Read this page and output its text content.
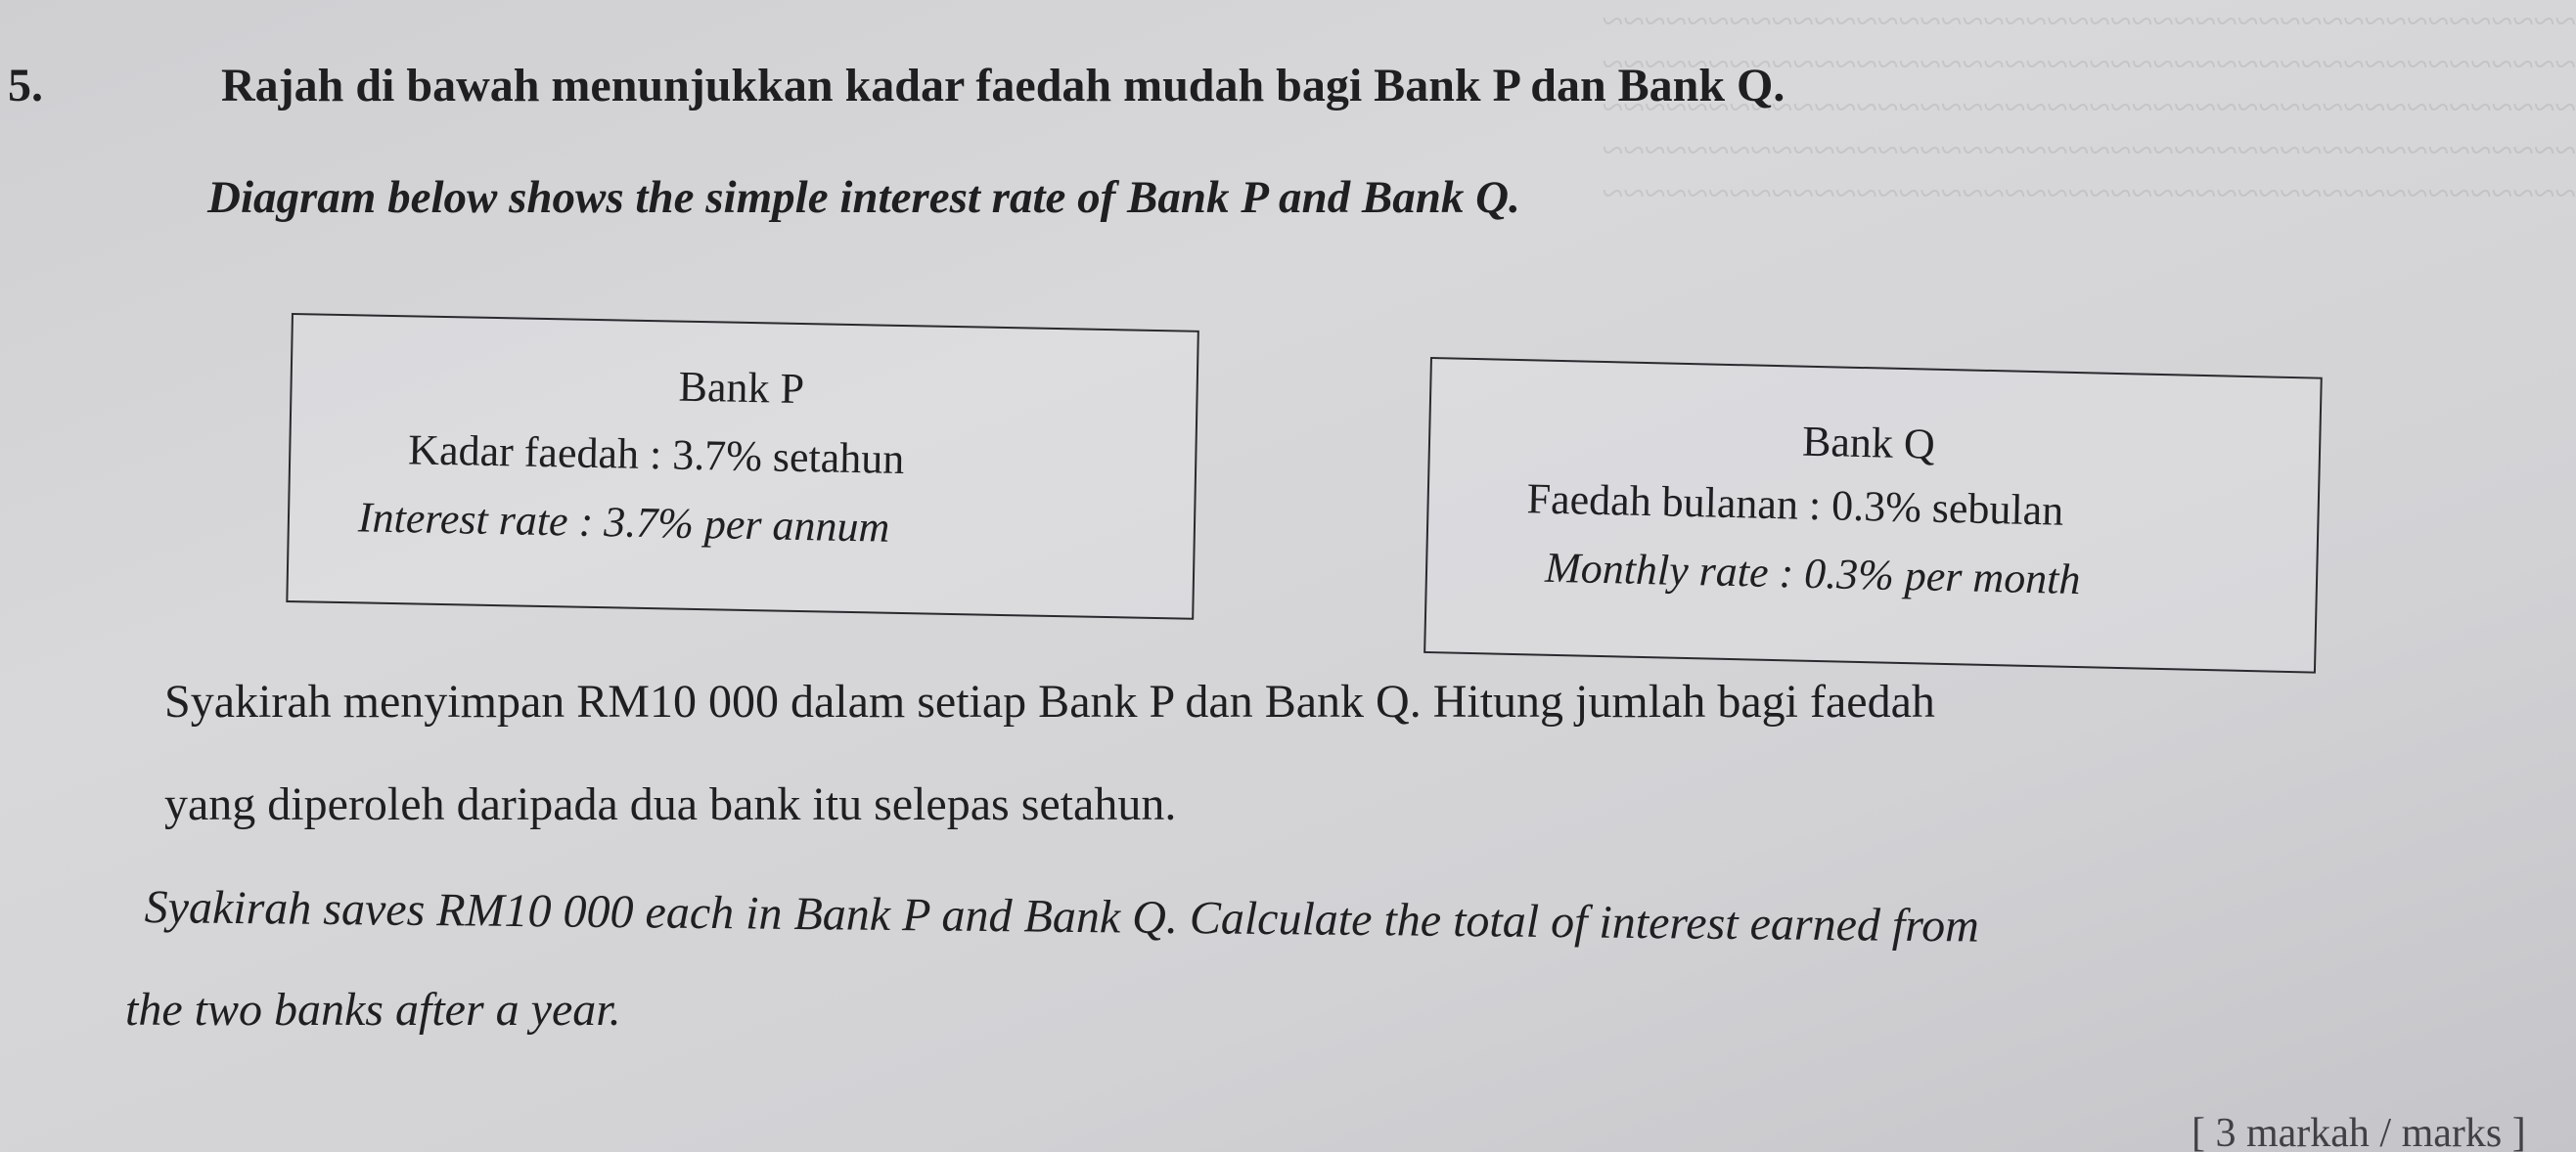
~~~~~~~~~~~~~~~~~~~~~~~~~~~~~~~~~~~~~~~~~~~~~~
~~~~~~~~~~~~~~~~~~~~~~~~~~~~~~~~~~~~~~~~~~~~~~
~~~~~~~~~~~~~~~~~~~~~~~~~~~~~~~~~~~~~~~~~~~~~~
~~~~~~~~~~~~~~~~~~~~~~~~~~~~~~~~~~~~~~~~~~~~~~
~~~~~~~~~~~~~~~~~~~~~~~~~~~~~~~~~~~~~~~~~~~~~~
5.	Rajah di bawah menunjukkan kadar faedah mudah bagi Bank P dan Bank Q.
Diagram below shows the simple interest rate of Bank P and Bank Q.
Bank P
Kadar faedah : 3.7% setahun
Interest rate : 3.7% per annum
Bank Q
Faedah bulanan : 0.3% sebulan
Monthly rate : 0.3% per month
Syakirah menyimpan RM10 000 dalam setiap Bank P dan Bank Q. Hitung jumlah bagi faedah
yang diperoleh daripada dua bank itu selepas setahun.
Syakirah saves RM10 000 each in Bank P and Bank Q. Calculate the total of interest earned from
the two banks after a year.
[ 3 markah / marks ]
